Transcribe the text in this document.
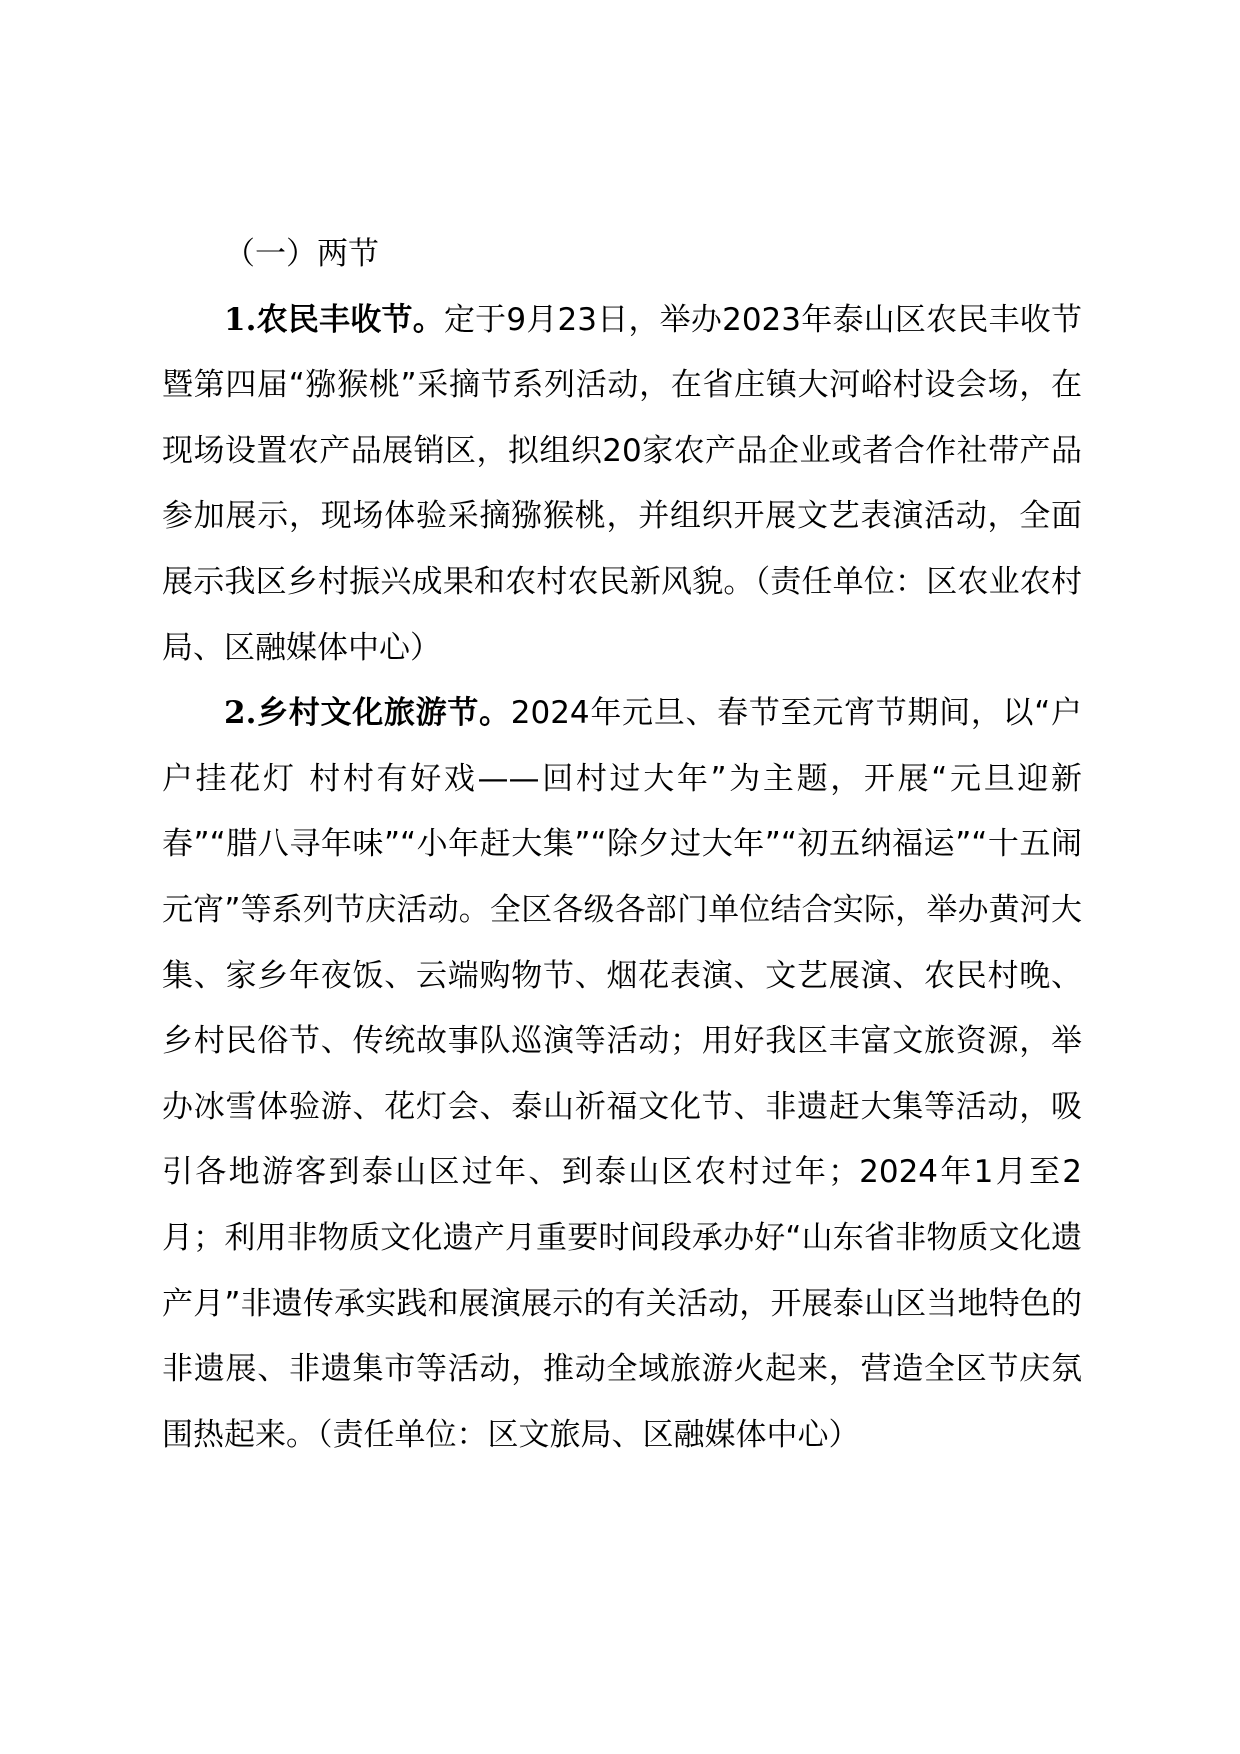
（一）两节

1.农民丰收节。定于9月23日，举办2023年泰山区农民丰收节暨第四届“猕猴桃”采摘节系列活动，在省庄镇大河峪村设会场，在现场设置农产品展销区，拟组织20家农产品企业或者合作社带产品参加展示，现场体验采摘猕猴桃，并组织开展文艺表演活动，全面展示我区乡村振兴成果和农村农民新风貌。（责任单位：区农业农村局、区融媒体中心）

2.乡村文化旅游节。2024年元旦、春节至元宵节期间，以“户户挂花灯 村村有好戏——回村过大年”为主题，开展“元旦迎新春”“腊八寻年味”“小年赶大集”“除夕过大年”“初五纳福运”“十五闹元宵”等系列节庆活动。全区各级各部门单位结合实际，举办黄河大集、家乡年夜饭、云端购物节、烟花表演、文艺展演、农民村晚、乡村民俗节、传统故事队巡演等活动；用好我区丰富文旅资源，举办冰雪体验游、花灯会、泰山祈福文化节、非遗赶大集等活动，吸引各地游客到泰山区过年、到泰山区农村过年；2024年1月至2月；利用非物质文化遗产月重要时间段承办好“山东省非物质文化遗产月”非遗传承实践和展演展示的有关活动，开展泰山区当地特色的非遗展、非遗集市等活动，推动全域旅游火起来，营造全区节庆氛围热起来。（责任单位：区文旅局、区融媒体中心）
